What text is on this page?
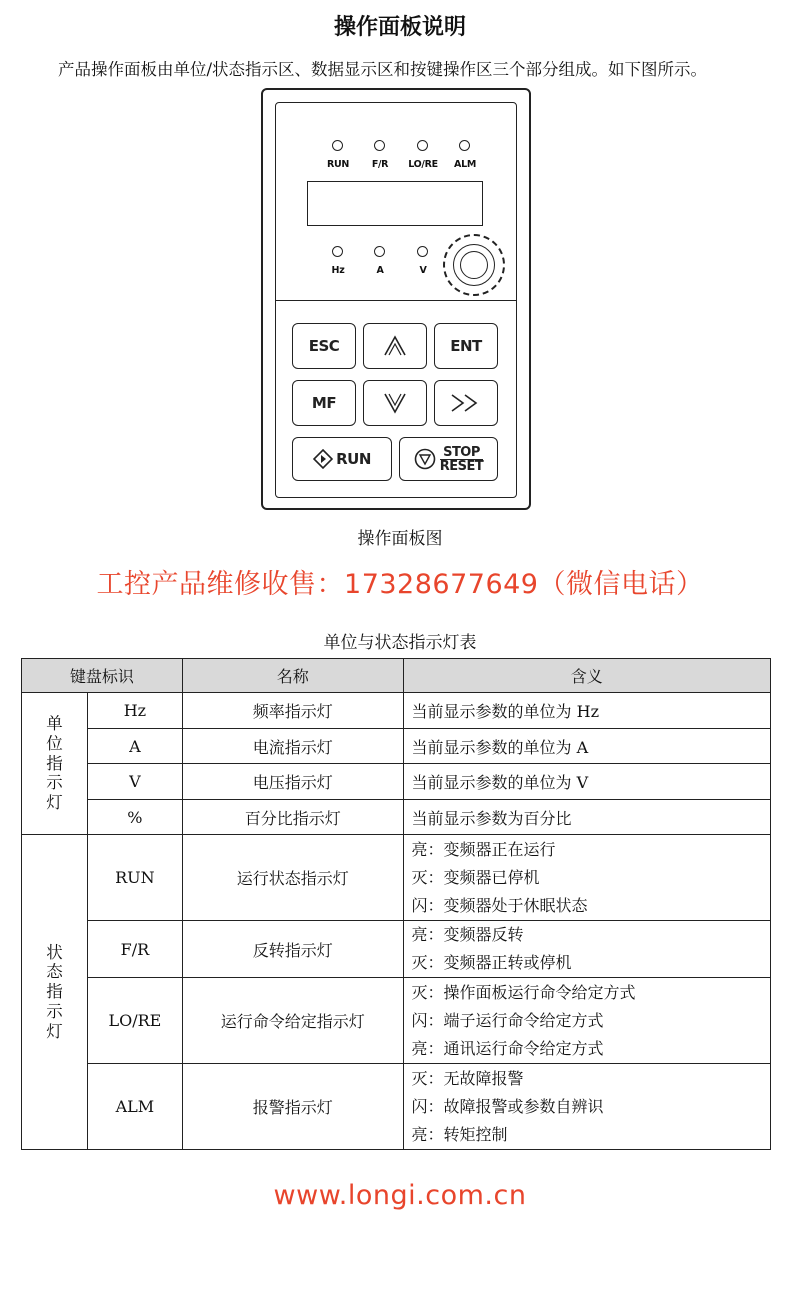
操作面板说明
产品操作面板由单位/状态指示区、数据显示区和按键操作区三个部分组成。如下图所示。
RUN	F/R	LO/RE	ALM
Hz	A	V
ESC	ENT
MF
RUN	STOP
RESET
操作面板图
工控产品维修收售：17328677649（微信电话）
单位与状态指示灯表
键盘标识		名称	含义
单位指示灯	Hz	频率指示灯	当前显示参数的单位为 Hz
	A	电流指示灯	当前显示参数的单位为 A
	V	电压指示灯	当前显示参数的单位为 V
	%	百分比指示灯	当前显示参数为百分比
状态指示灯	RUN	运行状态指示灯	亮：变频器正在运行
灭：变频器已停机
闪：变频器处于休眠状态

	F/R	反转指示灯	亮：变频器反转
灭：变频器正转或停机

	LO/RE	运行命令给定指示灯	灭：操作面板运行命令给定方式
闪：端子运行命令给定方式
亮：通讯运行命令给定方式

	ALM	报警指示灯	灭：无故障报警
闪：故障报警或参数自辨识
亮：转矩控制
www.longi.com.cn
